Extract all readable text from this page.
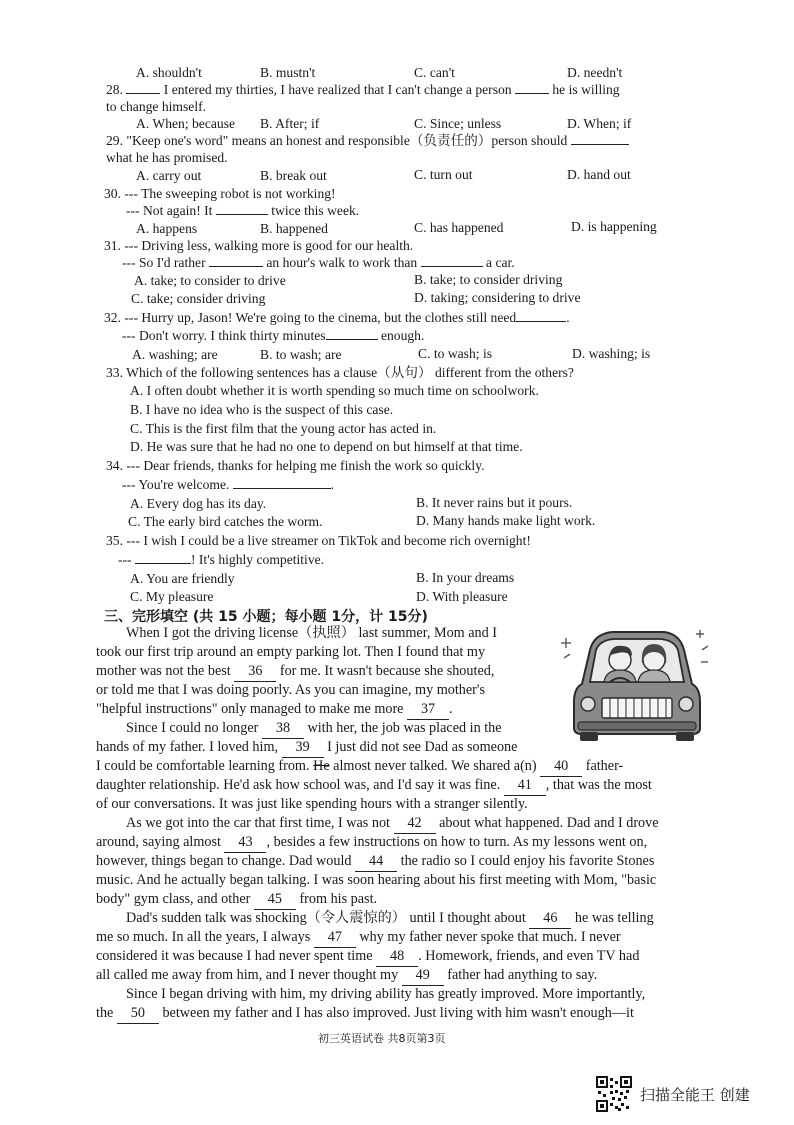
A. shouldn't	B. mustn't	C. can't	D. needn't
28.	I entered my thirties, I have realized that I can't change a person	he is willing
to change himself.
A. When; because B. After; if	C. Since; unless	D. When; if
29. "Keep one's word" means an honest and responsible（负责任的）person should
what he has promised.
A. carry out	B. break out	C. turn out	D. hand out
30. --- The sweeping robot is not working!
--- Not again! It	twice this week.
A. happens	B. happened	C. has happened	D. is happening
31. --- Driving less, walking more is good for our health.
--- So I'd rather	an hour's walk to work than	a car.
A. take; to consider to drive	B. take; to consider driving
C. take; consider driving	D. taking; considering to drive
32. --- Hurry up, Jason! We're going to the cinema, but the clothes still need	.
--- Don't worry. I think thirty minutes	enough.
A. washing; are	B. to wash; are	C. to wash; is	D. washing; is
33. Which of the following sentences has a clause（从句） different from the others?
A. I often doubt whether it is worth spending so much time on schoolwork.
B. I have no idea who is the suspect of this case.
C. This is the first film that the young actor has acted in.
D. He was sure that he had no one to depend on but himself at that time.
34. --- Dear friends, thanks for helping me finish the work so quickly.
--- You're welcome.	.
A. Every dog has its day.	B. It never rains but it pours.
C. The early bird catches the worm.	D. Many hands make light work.
35. --- I wish I could be a live streamer on TikTok and become rich overnight!
---	! It's highly competitive.
A. You are friendly	B. In your dreams
C. My pleasure	D. With pleasure
三、完形填空 (共 15 小题；每小题 1分，计 15分)
When I got the driving license（执照） last summer, Mom and I
took our first trip around an empty parking lot. Then I found that my
mother was not the best 36 for me. It wasn't because she shouted,
or told me that I was doing poorly. As you can imagine, my mother's
"helpful instructions" only managed to make me more 37 .
Since I could no longer 38 with her, the job was placed in the
hands of my father. I loved him, 39 I just did not see Dad as someone
I could be comfortable learning from. He almost never talked. We shared a(n) 40 father-
daughter relationship. He'd ask how school was, and I'd say it was fine. 41 , that was the most
of our conversations. It was just like spending hours with a stranger silently.
As we got into the car that first time, I was not 42 about what happened. Dad and I drove
around, saying almost 43 , besides a few instructions on how to turn. As my lessons went on,
however, things began to change. Dad would 44 the radio so I could enjoy his favorite Stones
music. And he actually began talking. I was soon hearing about his first meeting with Mom, "basic
body" gym class, and other 45 from his past.
Dad's sudden talk was shocking（令人震惊的） until I thought about 46 he was telling
me so much. In all the years, I always 47 why my father never spoke that much. I never
considered it was because I had never spent time 48 . Homework, friends, and even TV had
all called me away from him, and I never thought my 49 father had anything to say.
Since I began driving with him, my driving ability has greatly improved. More importantly,
the 50 between my father and I has also improved. Just living with him wasn't enough—it
初三英语试卷 共8页第3页
扫描全能王 创建
